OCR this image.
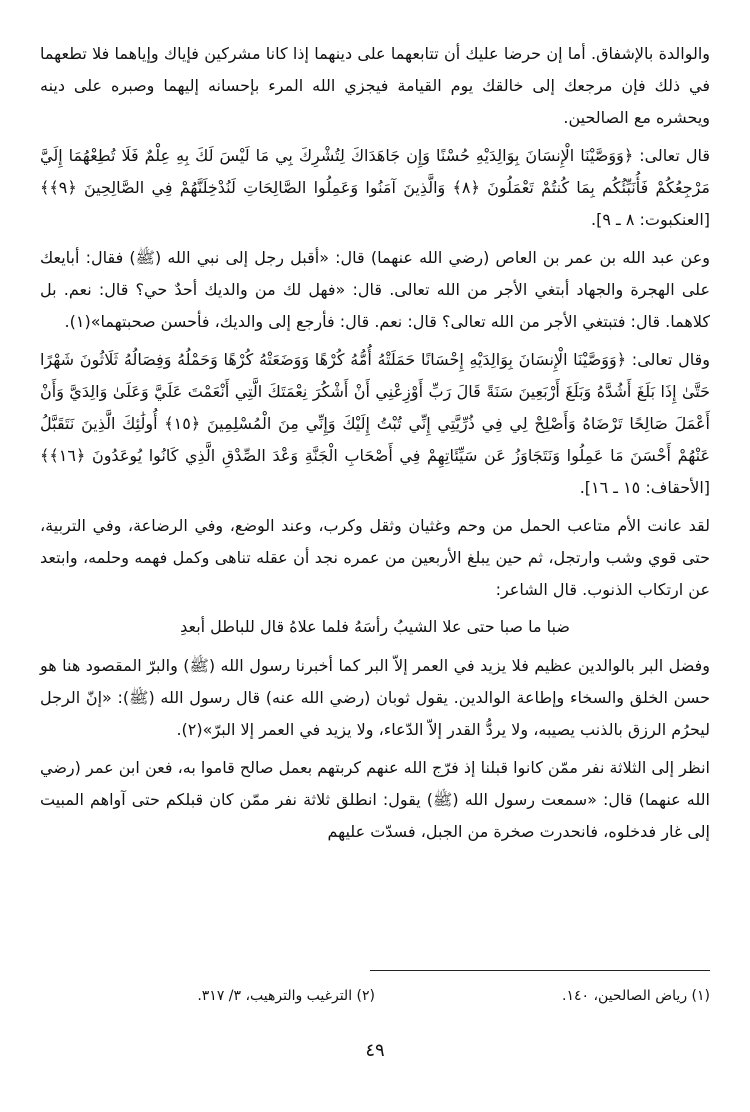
والوالدة بالإشفاق. أما إن حرضا عليك أن تتابعهما على دينهما إذا كانا مشركين فإياك وإياهما فلا تطعهما في ذلك فإن مرجعك إلى خالقك يوم القيامة فيجزي الله المرء بإحسانه إليهما وصبره على دينه ويحشره مع الصالحين.

قال تعالى: ﴿وَوَصَّيْنَا الْإِنسَانَ بِوَالِدَيْهِ حُسْنًا وَإِن جَاهَدَاكَ لِتُشْرِكَ بِي مَا لَيْسَ لَكَ بِهِ عِلْمٌ فَلَا تُطِعْهُمَا إِلَيَّ مَرْجِعُكُمْ فَأُنَبِّئُكُم بِمَا كُنتُمْ تَعْمَلُونَ ﴿٨﴾ وَالَّذِينَ آمَنُوا وَعَمِلُوا الصَّالِحَاتِ لَنُدْخِلَنَّهُمْ فِي الصَّالِحِينَ ﴿٩﴾﴾ [العنكبوت: ٨ ـ ٩].

وعن عبد الله بن عمر بن العاص (رضي الله عنهما) قال: «أقبل رجل إلى نبي الله (ﷺ) فقال: أبايعك على الهجرة والجهاد أبتغي الأجر من الله تعالى. قال: «فهل لك من والديك أحدٌ حي؟ قال: نعم. بل كلاهما. قال: فتبتغي الأجر من الله تعالى؟ قال: نعم. قال: فأرجع إلى والديك، فأحسن صحبتهما»(١).

وقال تعالى: ﴿وَوَصَّيْنَا الْإِنسَانَ بِوَالِدَيْهِ إِحْسَانًا حَمَلَتْهُ أُمُّهُ كُرْهًا وَوَضَعَتْهُ كُرْهًا وَحَمْلُهُ وَفِصَالُهُ ثَلَاثُونَ شَهْرًا حَتَّىٰ إِذَا بَلَغَ أَشُدَّهُ وَبَلَغَ أَرْبَعِينَ سَنَةً قَالَ رَبِّ أَوْزِعْنِي أَنْ أَشْكُرَ نِعْمَتَكَ الَّتِي أَنْعَمْتَ عَلَيَّ وَعَلَىٰ وَالِدَيَّ وَأَنْ أَعْمَلَ صَالِحًا تَرْضَاهُ وَأَصْلِحْ لِي فِي ذُرِّيَّتِي إِنِّي تُبْتُ إِلَيْكَ وَإِنِّي مِنَ الْمُسْلِمِينَ ﴿١٥﴾ أُولَٰئِكَ الَّذِينَ نَتَقَبَّلُ عَنْهُمْ أَحْسَنَ مَا عَمِلُوا وَنَتَجَاوَزُ عَن سَيِّئَاتِهِمْ فِي أَصْحَابِ الْجَنَّةِ وَعْدَ الصِّدْقِ الَّذِي كَانُوا يُوعَدُونَ ﴿١٦﴾﴾ [الأحقاف: ١٥ ـ ١٦].

لقد عانت الأم متاعب الحمل من وحم وغثيان وثقل وكرب، وعند الوضع، وفي الرضاعة، وفي التربية، حتى قوي وشب وارتجل، ثم حين يبلغ الأربعين من عمره نجد أن عقله تناهى وكمل فهمه وحلمه، وابتعد عن ارتكاب الذنوب. قال الشاعر:

ضبا ما صبا حتى علا الشيبُ رأسَهُ فلما علاهُ قال للباطل أبعدِ

وفضل البر بالوالدين عظيم فلا يزيد في العمر إلاّ البر كما أخبرنا رسول الله (ﷺ) والبرّ المقصود هنا هو حسن الخلق والسخاء وإطاعة الوالدين. يقول ثوبان (رضي الله عنه) قال رسول الله (ﷺ): «إنّ الرجل ليحرُم الرزق بالذنب يصيبه، ولا يردُّ القدر إلاّ الدّعاء، ولا يزيد في العمر إلا البرّ»(٢).

انظر إلى الثلاثة نفر ممّن كانوا قبلنا إذ فرّج الله عنهم كربتهم بعمل صالح قاموا به، فعن ابن عمر (رضي الله عنهما) قال: «سمعت رسول الله (ﷺ) يقول: انطلق ثلاثة نفر ممّن كان قبلكم حتى آواهم المبيت إلى غار فدخلوه، فانحدرت صخرة من الجبل، فسدّت عليهم

(١) رياض الصالحين، ١٤٠.
(٢) الترغيب والترهيب، ٣/ ٣١٧.
٤٩
